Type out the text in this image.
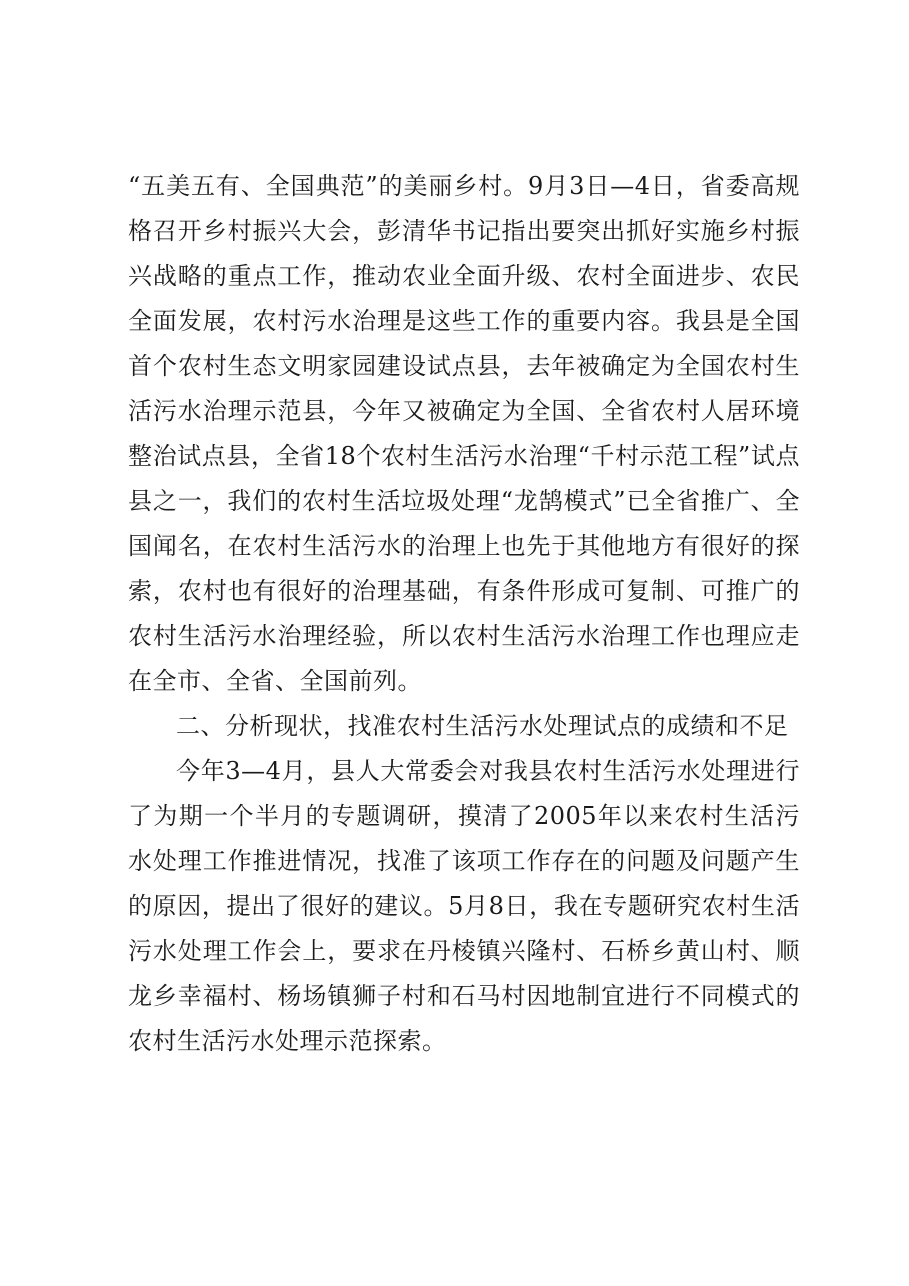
“五美五有、全国典范”的美丽乡村。9月3日—4日，省委高规格召开乡村振兴大会，彭清华书记指出要突出抓好实施乡村振兴战略的重点工作，推动农业全面升级、农村全面进步、农民全面发展，农村污水治理是这些工作的重要内容。我县是全国首个农村生态文明家园建设试点县，去年被确定为全国农村生活污水治理示范县，今年又被确定为全国、全省农村人居环境整治试点县，全省18个农村生活污水治理“千村示范工程”试点县之一，我们的农村生活垃圾处理“龙鹄模式”已全省推广、全国闻名，在农村生活污水的治理上也先于其他地方有很好的探索，农村也有很好的治理基础，有条件形成可复制、可推广的农村生活污水治理经验，所以农村生活污水治理工作也理应走在全市、全省、全国前列。

二、分析现状，找准农村生活污水处理试点的成绩和不足

今年3—4月，县人大常委会对我县农村生活污水处理进行了为期一个半月的专题调研，摸清了2005年以来农村生活污水处理工作推进情况，找准了该项工作存在的问题及问题产生的原因，提出了很好的建议。5月8日，我在专题研究农村生活污水处理工作会上，要求在丹棱镇兴隆村、石桥乡黄山村、顺龙乡幸福村、杨场镇狮子村和石马村因地制宜进行不同模式的农村生活污水处理示范探索。
